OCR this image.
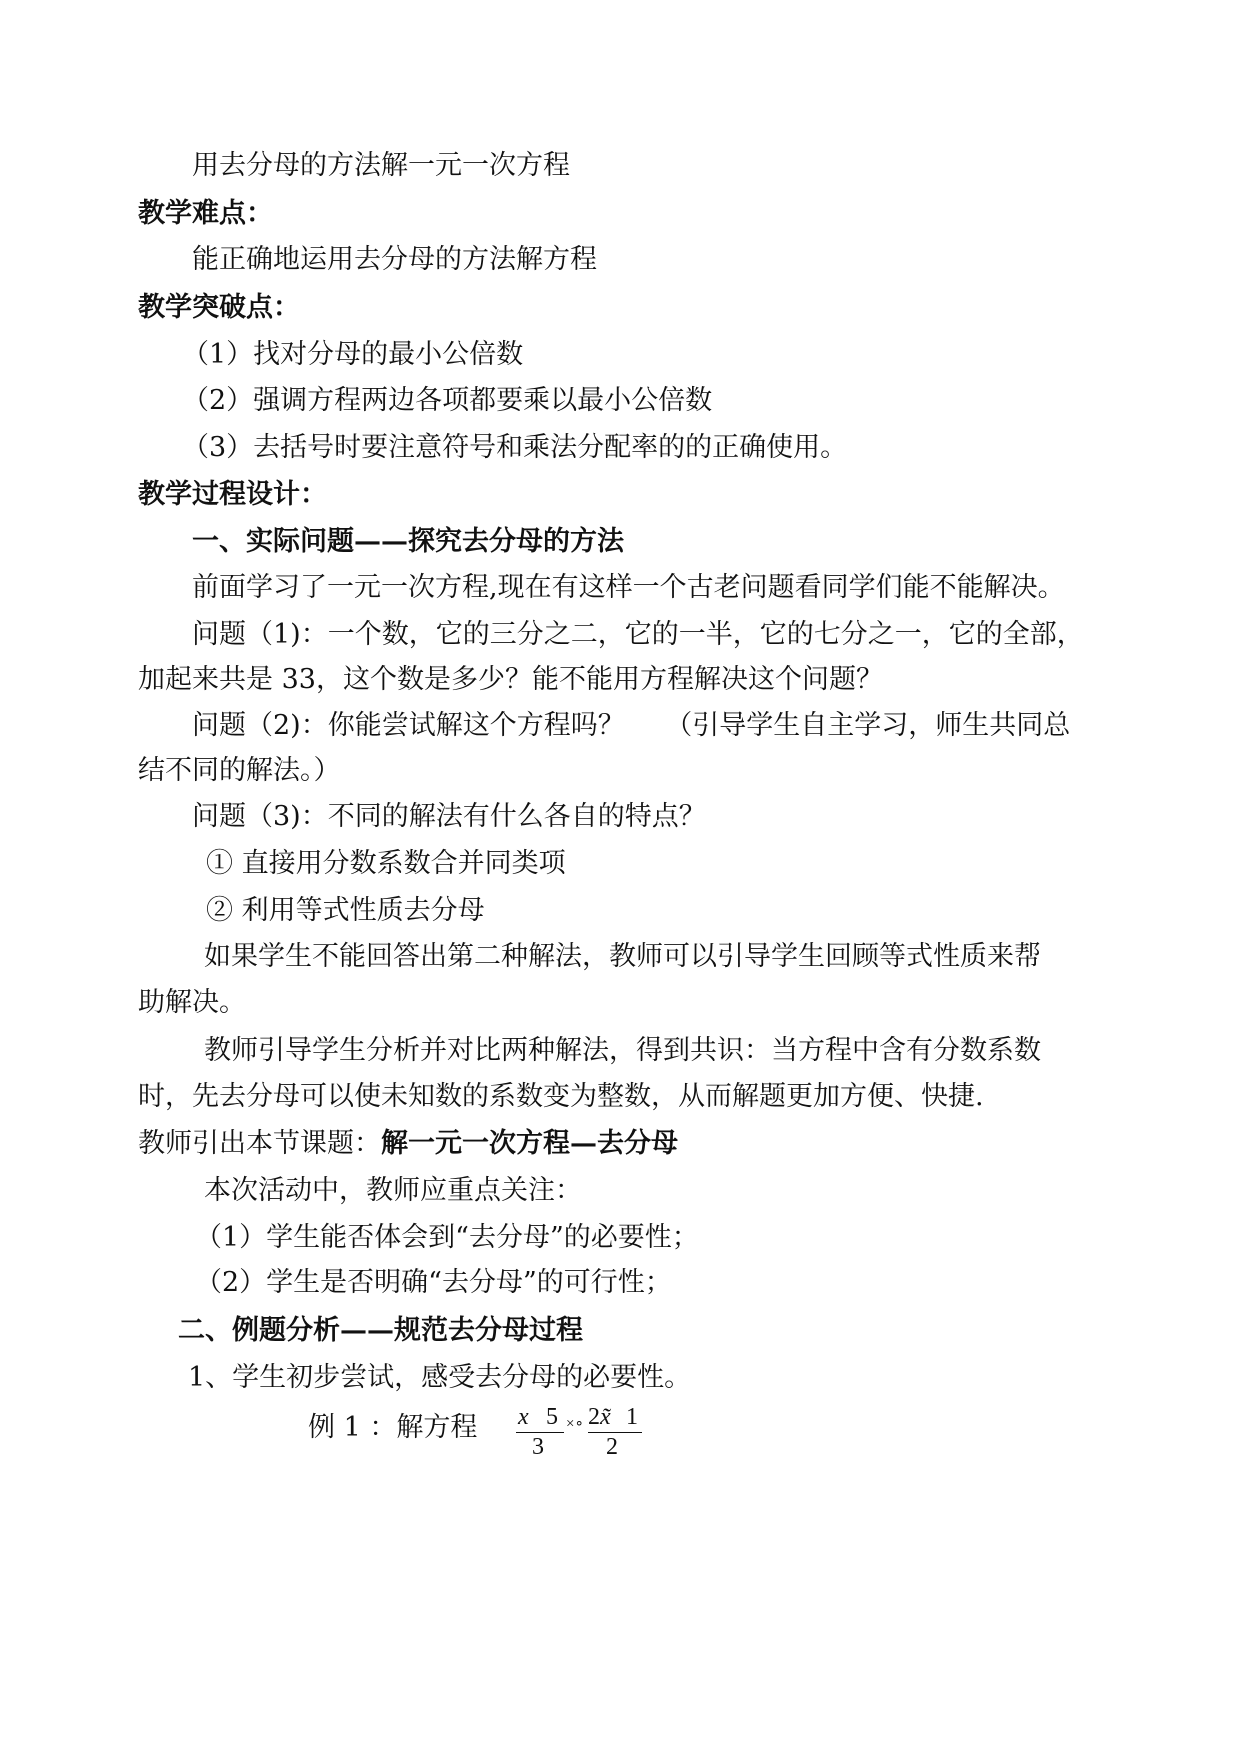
用去分母的方法解一元一次方程
教学难点：
能正确地运用去分母的方法解方程
教学突破点：
（1）找对分母的最小公倍数
（2）强调方程两边各项都要乘以最小公倍数
（3）去括号时要注意符号和乘法分配率的的正确使用。
教学过程设计：
一、实际问题——探究去分母的方法
前面学习了一元一次方程,现在有这样一个古老问题看同学们能不能解决。
问题（1)：一个数，它的三分之二，它的一半，它的七分之一，它的全部，
加起来共是 33，这个数是多少？能不能用方程解决这个问题？
问题（2)：你能尝试解这个方程吗？　　（引导学生自主学习，师生共同总
结不同的解法。）
问题（3)：不同的解法有什么各自的特点？
① 直接用分数系数合并同类项
② 利用等式性质去分母
如果学生不能回答出第二种解法，教师可以引导学生回顾等式性质来帮
助解决。
教师引导学生分析并对比两种解法，得到共识：当方程中含有分数系数
时，先去分母可以使未知数的系数变为整数，从而解题更加方便、快捷.
教师引出本节课题：解一元一次方程—去分母
本次活动中，教师应重点关注：
（1）学生能否体会到“去分母”的必要性；
（2）学生是否明确“去分母”的可行性；
二、例题分析——规范去分母过程
1、学生初步尝试，感受去分母的必要性。
例 1 ：解方程 x 5
3
×∘ 2 x̃ 1
2
